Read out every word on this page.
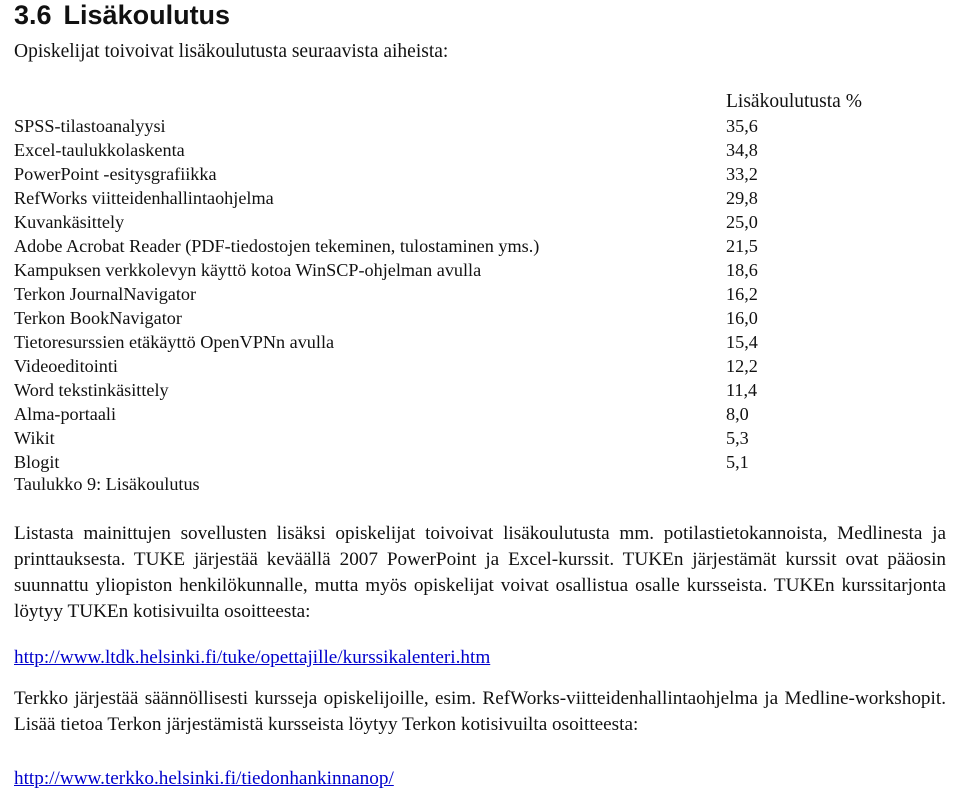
3.6 Lisäkoulutus

Opiskelijat toivoivat lisäkoulutusta seuraavista aiheista:

Lisäkoulutusta %
SPSS-tilastoanalyysi	35,6
Excel-taulukkolaskenta	34,8
PowerPoint -esitysgrafiikka	33,2
RefWorks viitteidenhallintaohjelma	29,8
Kuvankäsittely	25,0
Adobe Acrobat Reader (PDF-tiedostojen tekeminen, tulostaminen yms.)	21,5
Kampuksen verkkolevyn käyttö kotoa WinSCP-ohjelman avulla	18,6
Terkon JournalNavigator	16,2
Terkon BookNavigator	16,0
Tietoresurssien etäkäyttö OpenVPNn avulla	15,4
Videoeditointi	12,2
Word tekstinkäsittely	11,4
Alma-portaali	8,0
Wikit	5,3
Blogit	5,1

Taulukko 9: Lisäkoulutus

Listasta mainittujen sovellusten lisäksi opiskelijat toivoivat lisäkoulutusta mm. potilastietokannoista, Medlinesta ja printtauksesta. TUKE järjestää keväällä 2007 PowerPoint ja Excel-kurssit. TUKEn järjestämät kurssit ovat pääosin suunnattu yliopiston henkilökunnalle, mutta myös opiskelijat voivat osallistua osalle kursseista. TUKEn kurssitarjonta löytyy TUKEn kotisivuilta osoitteesta:

http://www.ltdk.helsinki.fi/tuke/opettajille/kurssikalenteri.htm

Terkko järjestää säännöllisesti kursseja opiskelijoille, esim. RefWorks-viitteidenhallintaohjelma ja Medline-workshopit. Lisää tietoa Terkon järjestämistä kursseista löytyy Terkon kotisivuilta osoitteesta:

http://www.terkko.helsinki.fi/tiedonhankinnanop/
